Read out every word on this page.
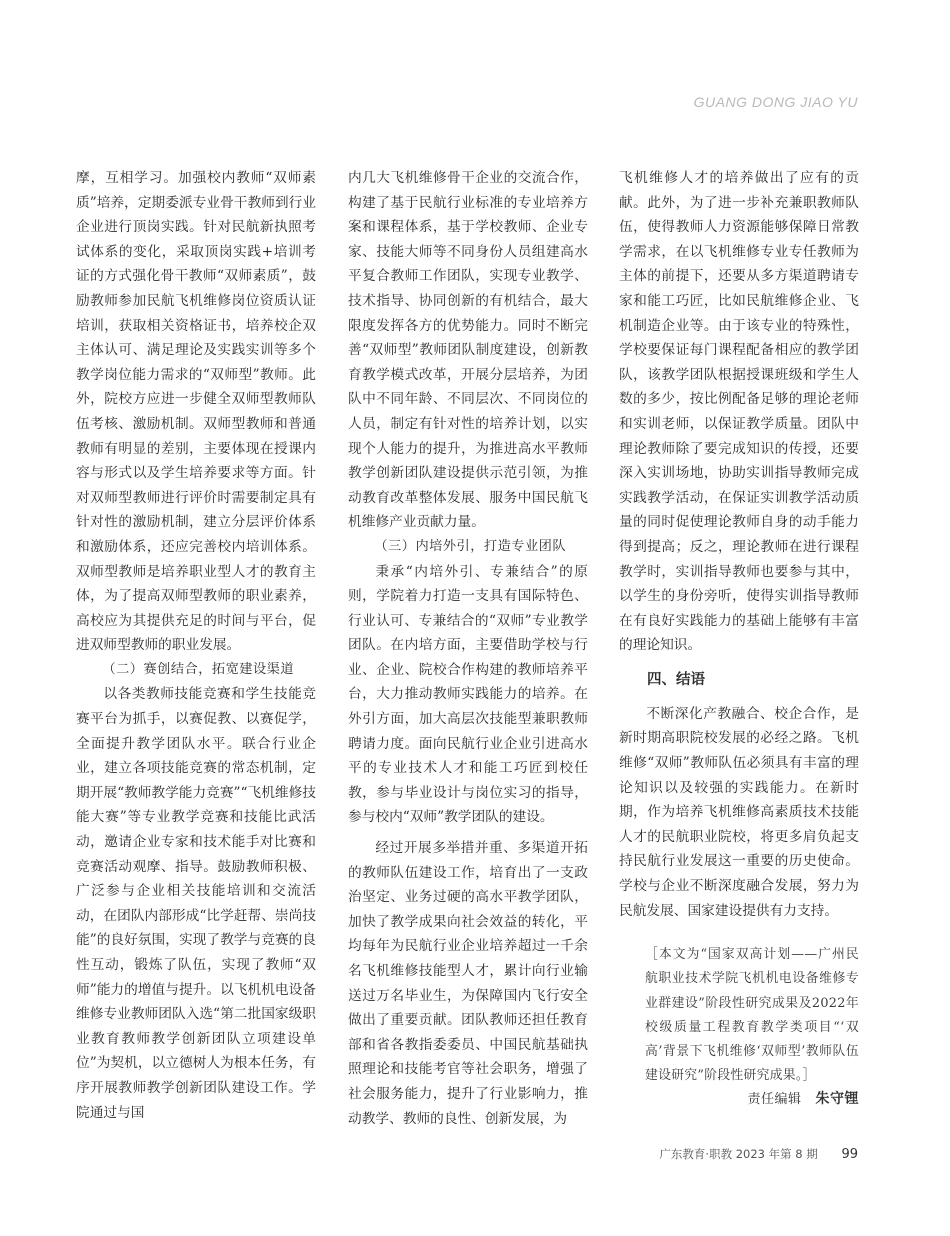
GUANG DONG JIAO YU

摩，互相学习。加强校内教师“双师素质”培养，定期委派专业骨干教师到行业企业进行顶岗实践。针对民航新执照考试体系的变化，采取顶岗实践+培训考证的方式强化骨干教师“双师素质”，鼓励教师参加民航飞机维修岗位资质认证培训，获取相关资格证书，培养校企双主体认可、满足理论及实践实训等多个教学岗位能力需求的“双师型”教师。此外，院校方应进一步健全双师型教师队伍考核、激励机制。双师型教师和普通教师有明显的差别，主要体现在授课内容与形式以及学生培养要求等方面。针对双师型教师进行评价时需要制定具有针对性的激励机制，建立分层评价体系和激励体系，还应完善校内培训体系。双师型教师是培养职业型人才的教育主体，为了提高双师型教师的职业素养，高校应为其提供充足的时间与平台，促进双师型教师的职业发展。

（二）赛创结合，拓宽建设渠道

以各类教师技能竞赛和学生技能竞赛平台为抓手，以赛促教、以赛促学，全面提升教学团队水平。联合行业企业，建立各项技能竞赛的常态机制，定期开展“教师教学能力竞赛”“飞机维修技能大赛”等专业教学竞赛和技能比武活动，邀请企业专家和技术能手对比赛和竞赛活动观摩、指导。鼓励教师积极、广泛参与企业相关技能培训和交流活动，在团队内部形成“比学赶帮、崇尚技能”的良好氛围，实现了教学与竞赛的良性互动，锻炼了队伍，实现了教师“双师”能力的增值与提升。以飞机机电设备维修专业教师团队入选“第二批国家级职业教育教师教学创新团队立项建设单位”为契机，以立德树人为根本任务，有序开展教师教学创新团队建设工作。学院通过与国

内几大飞机维修骨干企业的交流合作，构建了基于民航行业标准的专业培养方案和课程体系，基于学校教师、企业专家、技能大师等不同身份人员组建高水平复合教师工作团队，实现专业教学、技术指导、协同创新的有机结合，最大限度发挥各方的优势能力。同时不断完善“双师型”教师团队制度建设，创新教育教学模式改革，开展分层培养，为团队中不同年龄、不同层次、不同岗位的人员，制定有针对性的培养计划，以实现个人能力的提升，为推进高水平教师教学创新团队建设提供示范引领，为推动教育改革整体发展、服务中国民航飞机维修产业贡献力量。

（三）内培外引，打造专业团队

秉承“内培外引、专兼结合”的原则，学院着力打造一支具有国际特色、行业认可、专兼结合的“双师”专业教学团队。在内培方面，主要借助学校与行业、企业、院校合作构建的教师培养平台，大力推动教师实践能力的培养。在外引方面，加大高层次技能型兼职教师聘请力度。面向民航行业企业引进高水平的专业技术人才和能工巧匠到校任教，参与毕业设计与岗位实习的指导，参与校内“双师”教学团队的建设。

经过开展多举措并重、多渠道开拓的教师队伍建设工作，培育出了一支政治坚定、业务过硬的高水平教学团队，加快了教学成果向社会效益的转化，平均每年为民航行业企业培养超过一千余名飞机维修技能型人才，累计向行业输送过万名毕业生，为保障国内飞行安全做出了重要贡献。团队教师还担任教育部和省各教指委委员、中国民航基础执照理论和技能考官等社会职务，增强了社会服务能力，提升了行业影响力，推动教学、教师的良性、创新发展，为

飞机维修人才的培养做出了应有的贡献。此外，为了进一步补充兼职教师队伍，使得教师人力资源能够保障日常教学需求，在以飞机维修专业专任教师为主体的前提下，还要从多方渠道聘请专家和能工巧匠，比如民航维修企业、飞机制造企业等。由于该专业的特殊性，学校要保证每门课程配备相应的教学团队，该教学团队根据授课班级和学生人数的多少，按比例配备足够的理论老师和实训老师，以保证教学质量。团队中理论教师除了要完成知识的传授，还要深入实训场地，协助实训指导教师完成实践教学活动，在保证实训教学活动质量的同时促使理论教师自身的动手能力得到提高；反之，理论教师在进行课程教学时，实训指导教师也要参与其中，以学生的身份旁听，使得实训指导教师在有良好实践能力的基础上能够有丰富的理论知识。

四、结语

不断深化产教融合、校企合作，是新时期高职院校发展的必经之路。飞机维修“双师”教师队伍必须具有丰富的理论知识以及较强的实践能力。在新时期，作为培养飞机维修高素质技术技能人才的民航职业院校，将更多肩负起支持民航行业发展这一重要的历史使命。学校与企业不断深度融合发展，努力为民航发展、国家建设提供有力支持。

［本文为“国家双高计划——广州民航职业技术学院飞机机电设备维修专业群建设”阶段性研究成果及2022年校级质量工程教育教学类项目“‘双高’背景下飞机维修‘双师型’教师队伍建设研究”阶段性研究成果。］
责任编辑 朱守锂
广东教育·职教 2023 年第 8 期 99
